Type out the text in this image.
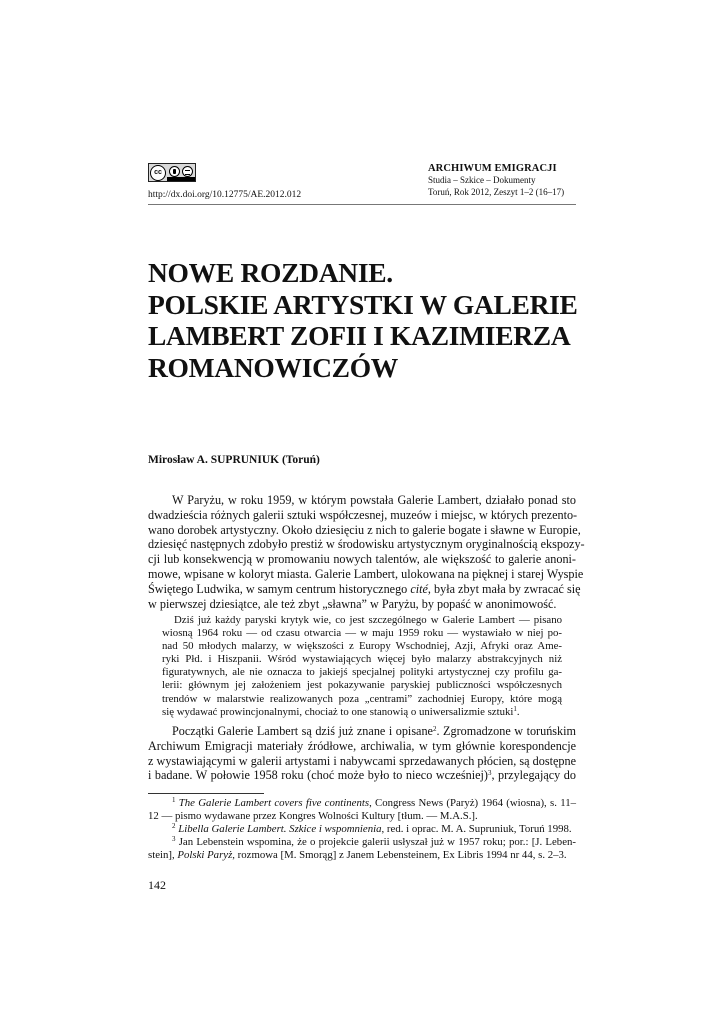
cc
http://dx.doi.org/10.12775/AE.2012.012
ARCHIWUM EMIGRACJI
Studia – Szkice – Dokumenty
Toruń, Rok 2012, Zeszyt 1–2 (16–17)
NOWE ROZDANIE.
POLSKIE ARTYSTKI W GALERIE
LAMBERT ZOFII I KAZIMIERZA
ROMANOWICZÓW
Mirosław A. SUPRUNIUK (Toruń)
W Paryżu, w roku 1959, w którym powstała Galerie Lambert, działało ponad sto
dwadzieścia różnych galerii sztuki współczesnej, muzeów i miejsc, w których prezento-
wano dorobek artystyczny. Około dziesięciu z nich to galerie bogate i sławne w Europie,
dziesięć następnych zdobyło prestiż w środowisku artystycznym oryginalnością ekspozy-
cji lub konsekwencją w promowaniu nowych talentów, ale większość to galerie anoni-
mowe, wpisane w koloryt miasta. Galerie Lambert, ulokowana na pięknej i starej Wyspie
Świętego Ludwika, w samym centrum historycznego cité, była zbyt mała by zwracać się
w pierwszej dziesiątce, ale też zbyt „sławna” w Paryżu, by popaść w anonimowość.
Dziś już każdy paryski krytyk wie, co jest szczególnego w Galerie Lambert — pisano
wiosną 1964 roku — od czasu otwarcia — w maju 1959 roku — wystawiało w niej po-
nad 50 młodych malarzy, w większości z Europy Wschodniej, Azji, Afryki oraz Ame-
ryki Płd. i Hiszpanii. Wśród wystawiających więcej było malarzy abstrakcyjnych niż
figuratywnych, ale nie oznacza to jakiejś specjalnej polityki artystycznej czy profilu ga-
lerii: głównym jej założeniem jest pokazywanie paryskiej publiczności współczesnych
trendów w malarstwie realizowanych poza „centrami” zachodniej Europy, które mogą
się wydawać prowincjonalnymi, chociaż to one stanowią o uniwersalizmie sztuki$^1$.
Początki Galerie Lambert są dziś już znane i opisane$^2$. Zgromadzone w toruńskim
Archiwum Emigracji materiały źródłowe, archiwalia, w tym głównie korespondencje
z wystawiającymi w galerii artystami i nabywcami sprzedawanych płócien, są dostępne
i badane. W połowie 1958 roku (choć może było to nieco wcześniej)$^3$, przylegający do
$^1$ The Galerie Lambert covers five continents, Congress News (Paryż) 1964 (wiosna), s. 11–
12 — pismo wydawane przez Kongres Wolności Kultury [tłum. — M.A.S.].
$^2$ Libella Galerie Lambert. Szkice i wspomnienia, red. i oprac. M. A. Supruniuk, Toruń 1998.
$^3$ Jan Lebenstein wspomina, że o projekcie galerii usłyszał już w 1957 roku; por.: [J. Leben-
stein], Polski Paryż, rozmowa [M. Smorąg] z Janem Lebensteinem, Ex Libris 1994 nr 44, s. 2–3.
142
